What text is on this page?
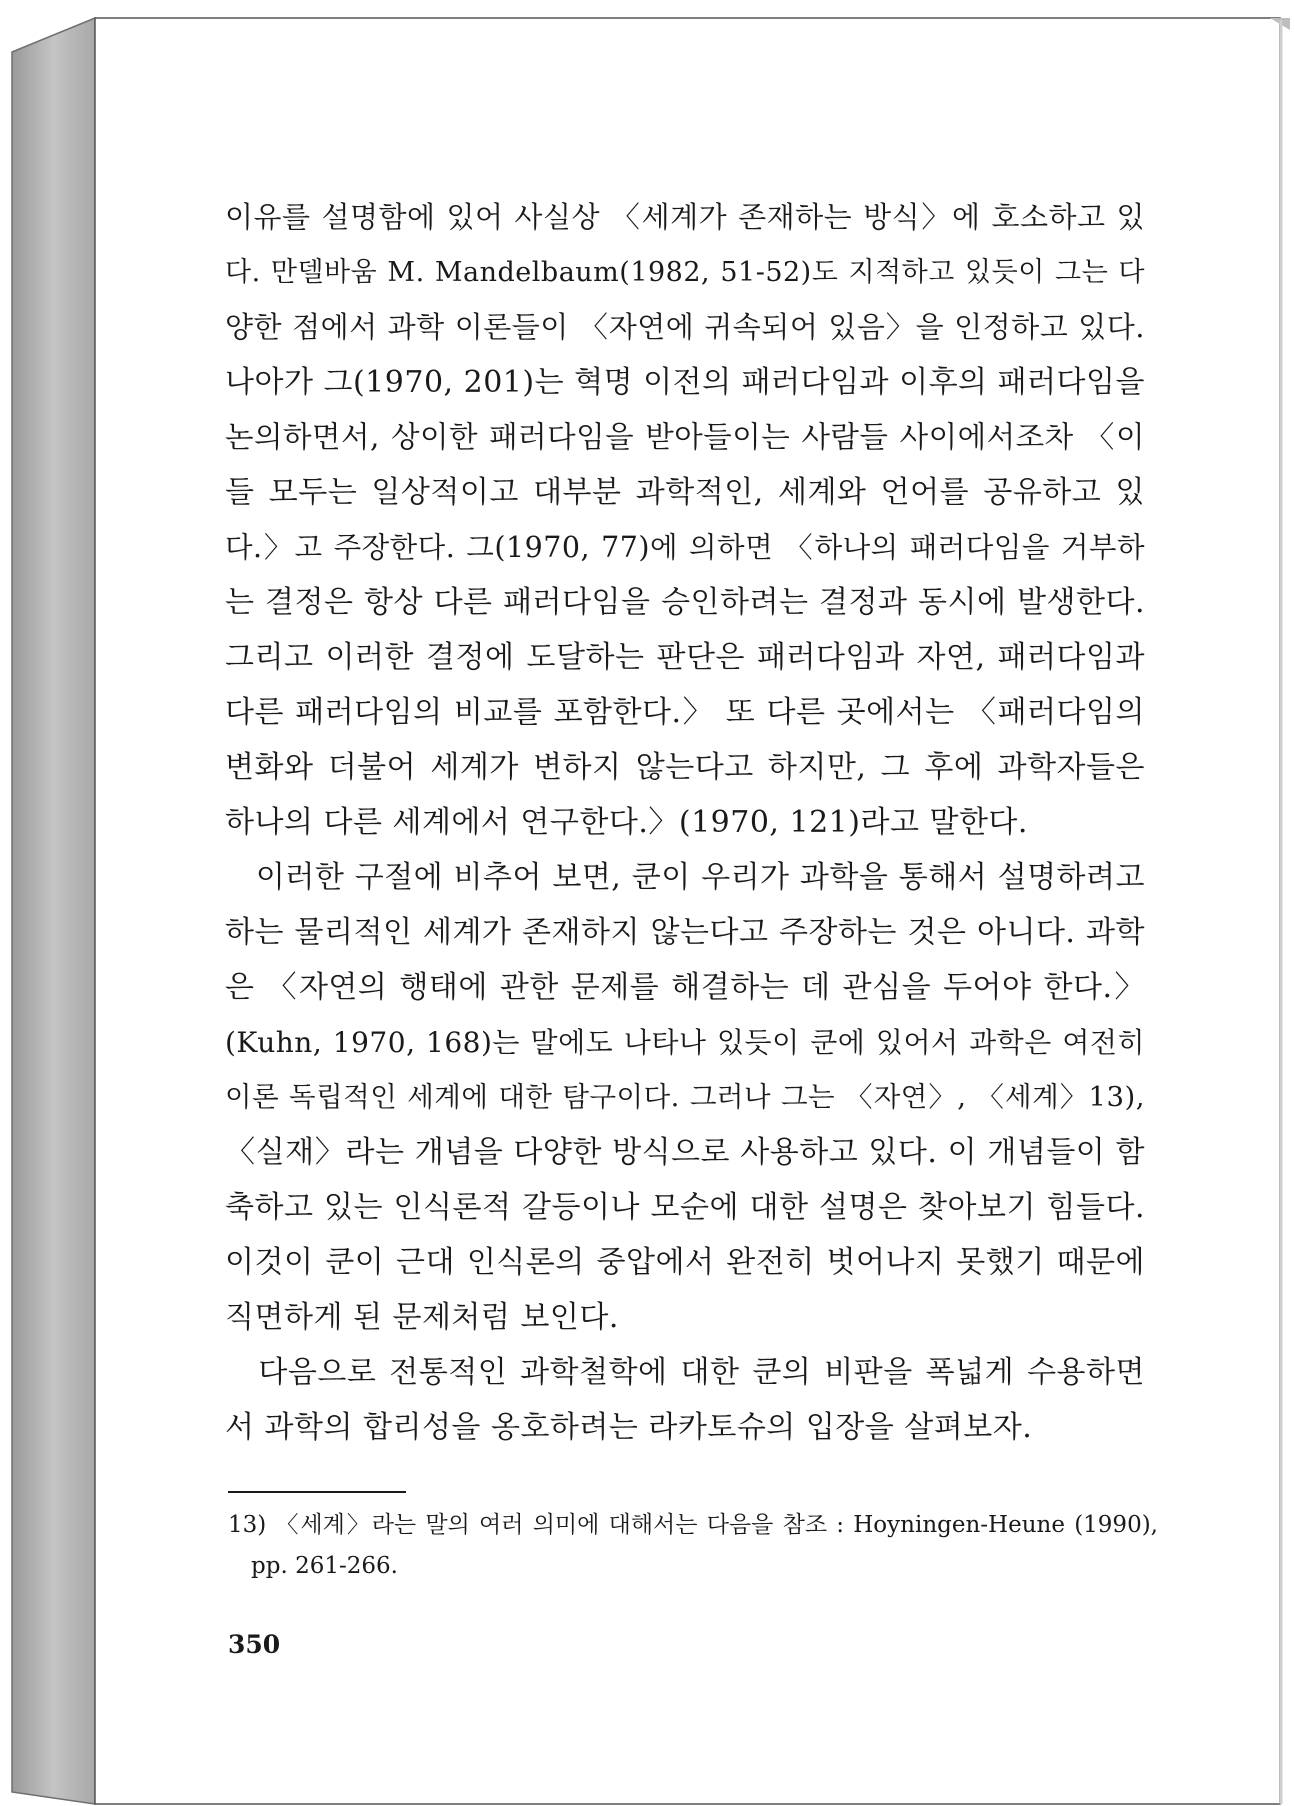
이유를 설명함에 있어 사실상 〈세계가 존재하는 방식〉에 호소하고 있
다. 만델바움 M. Mandelbaum(1982, 51-52)도 지적하고 있듯이 그는 다
양한 점에서 과학 이론들이 〈자연에 귀속되어 있음〉을 인정하고 있다.
나아가 그(1970, 201)는 혁명 이전의 패러다임과 이후의 패러다임을
논의하면서, 상이한 패러다임을 받아들이는 사람들 사이에서조차 〈이
들 모두는 일상적이고 대부분 과학적인, 세계와 언어를 공유하고 있
다.〉고 주장한다. 그(1970, 77)에 의하면 〈하나의 패러다임을 거부하
는 결정은 항상 다른 패러다임을 승인하려는 결정과 동시에 발생한다.
그리고 이러한 결정에 도달하는 판단은 패러다임과 자연, 패러다임과
다른 패러다임의 비교를 포함한다.〉 또 다른 곳에서는 〈패러다임의
변화와 더불어 세계가 변하지 않는다고 하지만, 그 후에 과학자들은
하나의 다른 세계에서 연구한다.〉(1970, 121)라고 말한다.
　이러한 구절에 비추어 보면, 쿤이 우리가 과학을 통해서 설명하려고
하는 물리적인 세계가 존재하지 않는다고 주장하는 것은 아니다. 과학
은 〈자연의 행태에 관한 문제를 해결하는 데 관심을 두어야 한다.〉
(Kuhn, 1970, 168)는 말에도 나타나 있듯이 쿤에 있어서 과학은 여전히
이론 독립적인 세계에 대한 탐구이다. 그러나 그는 〈자연〉, 〈세계〉13),
〈실재〉라는 개념을 다양한 방식으로 사용하고 있다. 이 개념들이 함
축하고 있는 인식론적 갈등이나 모순에 대한 설명은 찾아보기 힘들다.
이것이 쿤이 근대 인식론의 중압에서 완전히 벗어나지 못했기 때문에
직면하게 된 문제처럼 보인다.
　다음으로 전통적인 과학철학에 대한 쿤의 비판을 폭넓게 수용하면
서 과학의 합리성을 옹호하려는 라카토슈의 입장을 살펴보자.
13) 〈세계〉라는 말의 여러 의미에 대해서는 다음을 참조 : Hoyningen-Heune (1990),
　pp. 261-266.
350
